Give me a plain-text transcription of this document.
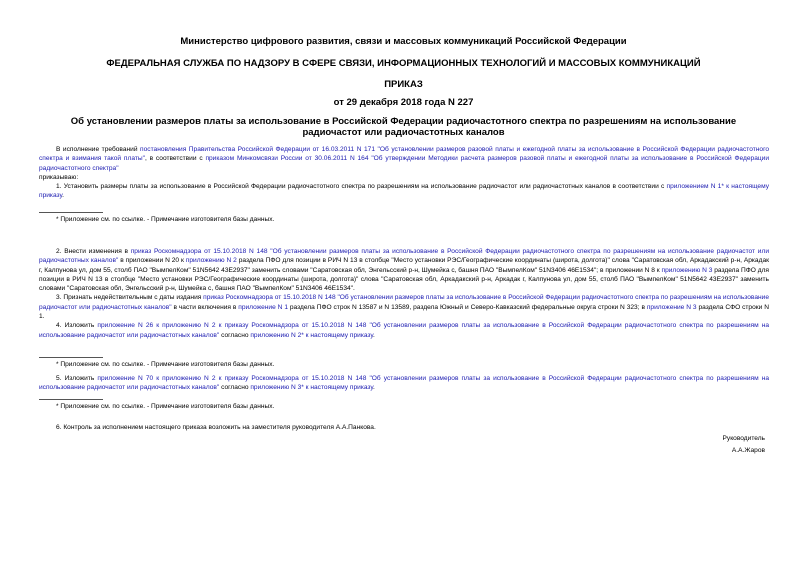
Министерство цифрового развития, связи и массовых коммуникаций Российской Федерации
ФЕДЕРАЛЬНАЯ СЛУЖБА ПО НАДЗОРУ В СФЕРЕ СВЯЗИ, ИНФОРМАЦИОННЫХ ТЕХНОЛОГИЙ И МАССОВЫХ КОММУНИКАЦИЙ
ПРИКАЗ
от 29 декабря 2018 года N 227
Об установлении размеров платы за использование в Российской Федерации радиочастотного спектра по разрешениям на использование радиочастот или радиочастотных каналов

В исполнение требований постановления Правительства Российской Федерации от 16.03.2011 N 171 "Об установлении размеров разовой платы и ежегодной платы за использование в Российской Федерации радиочастотного спектра и взимания такой платы", в соответствии с приказом Минкомсвязи России от 30.06.2011 N 164 "Об утверждении Методики расчета размеров разовой платы и ежегодной платы за использование в Российской Федерации радиочастотного спектра"

приказываю:

1. Установить размеры платы за использование в Российской Федерации радиочастотного спектра по разрешениям на использование радиочастот или радиочастотных каналов в соответствии с приложением N 1* к настоящему приказу.

* Приложение см. по ссылке. - Примечание изготовителя базы данных.

2. Внести изменения в приказ Роскомнадзора от 15.10.2018 N 148 "Об установлении размеров платы за использование в Российской Федерации радиочастотного спектра по разрешениям на использование радиочастот или радиочастотных каналов" в приложении N 20 к приложению N 2 раздела ПФО для позиции в РИЧ N 13 в столбце "Место установки РЭС/Географические координаты (широта, долгота)" слова "Саратовская обл, Аркадакский р-н, Аркадак г, Калпунова ул, дом 55, столб ПАО "ВымпелКом" 51N5642 43E2937" заменить словами "Саратовская обл, Энгельсский р-н, Шумейка с, башня ПАО "ВымпелКом" 51N3406 46E1534"; в приложении N 8 к приложению N 3 раздела ПФО для позиции в РИЧ N 13 в столбце "Место установки РЭС/Географические координаты (широта, долгота)" слова "Саратовская обл, Аркадакский р-н, Аркадак г, Калпунова ул, дом 55, столб ПАО "ВымпелКом" 51N5642 43E2937" заменить словами "Саратовская обл, Энгельсский р-н, Шумейка с, башня ПАО "ВымпелКом" 51N3406 46E1534".

3. Признать недействительным с даты издания приказ Роскомнадзора от 15.10.2018 N 148 "Об установлении размеров платы за использование в Российской Федерации радиочастотного спектра по разрешениям на использование радиочастот или радиочастотных каналов" в части включения в приложение N 1 раздела ПФО строк N 13587 и N 13589, раздела Южный и Северо-Кавказский федеральные округа строки N 323; в приложение N 3 раздела СФО строки N 1.

4. Изложить приложение N 26 к приложению N 2 к приказу Роскомнадзора от 15.10.2018 N 148 "Об установлении размеров платы за использование в Российской Федерации радиочастотного спектра по разрешениям на использование радиочастот или радиочастотных каналов" согласно приложению N 2* к настоящему приказу.

* Приложение см. по ссылке. - Примечание изготовителя базы данных.

5. Изложить приложение N 70 к приложению N 2 к приказу Роскомнадзора от 15.10.2018 N 148 "Об установлении размеров платы за использование в Российской Федерации радиочастотного спектра по разрешениям на использование радиочастот или радиочастотных каналов" согласно приложению N 3* к настоящему приказу.

* Приложение см. по ссылке. - Примечание изготовителя базы данных.

6. Контроль за исполнением настоящего приказа возложить на заместителя руководителя А.А.Панкова.

Руководитель
А.А.Жаров
